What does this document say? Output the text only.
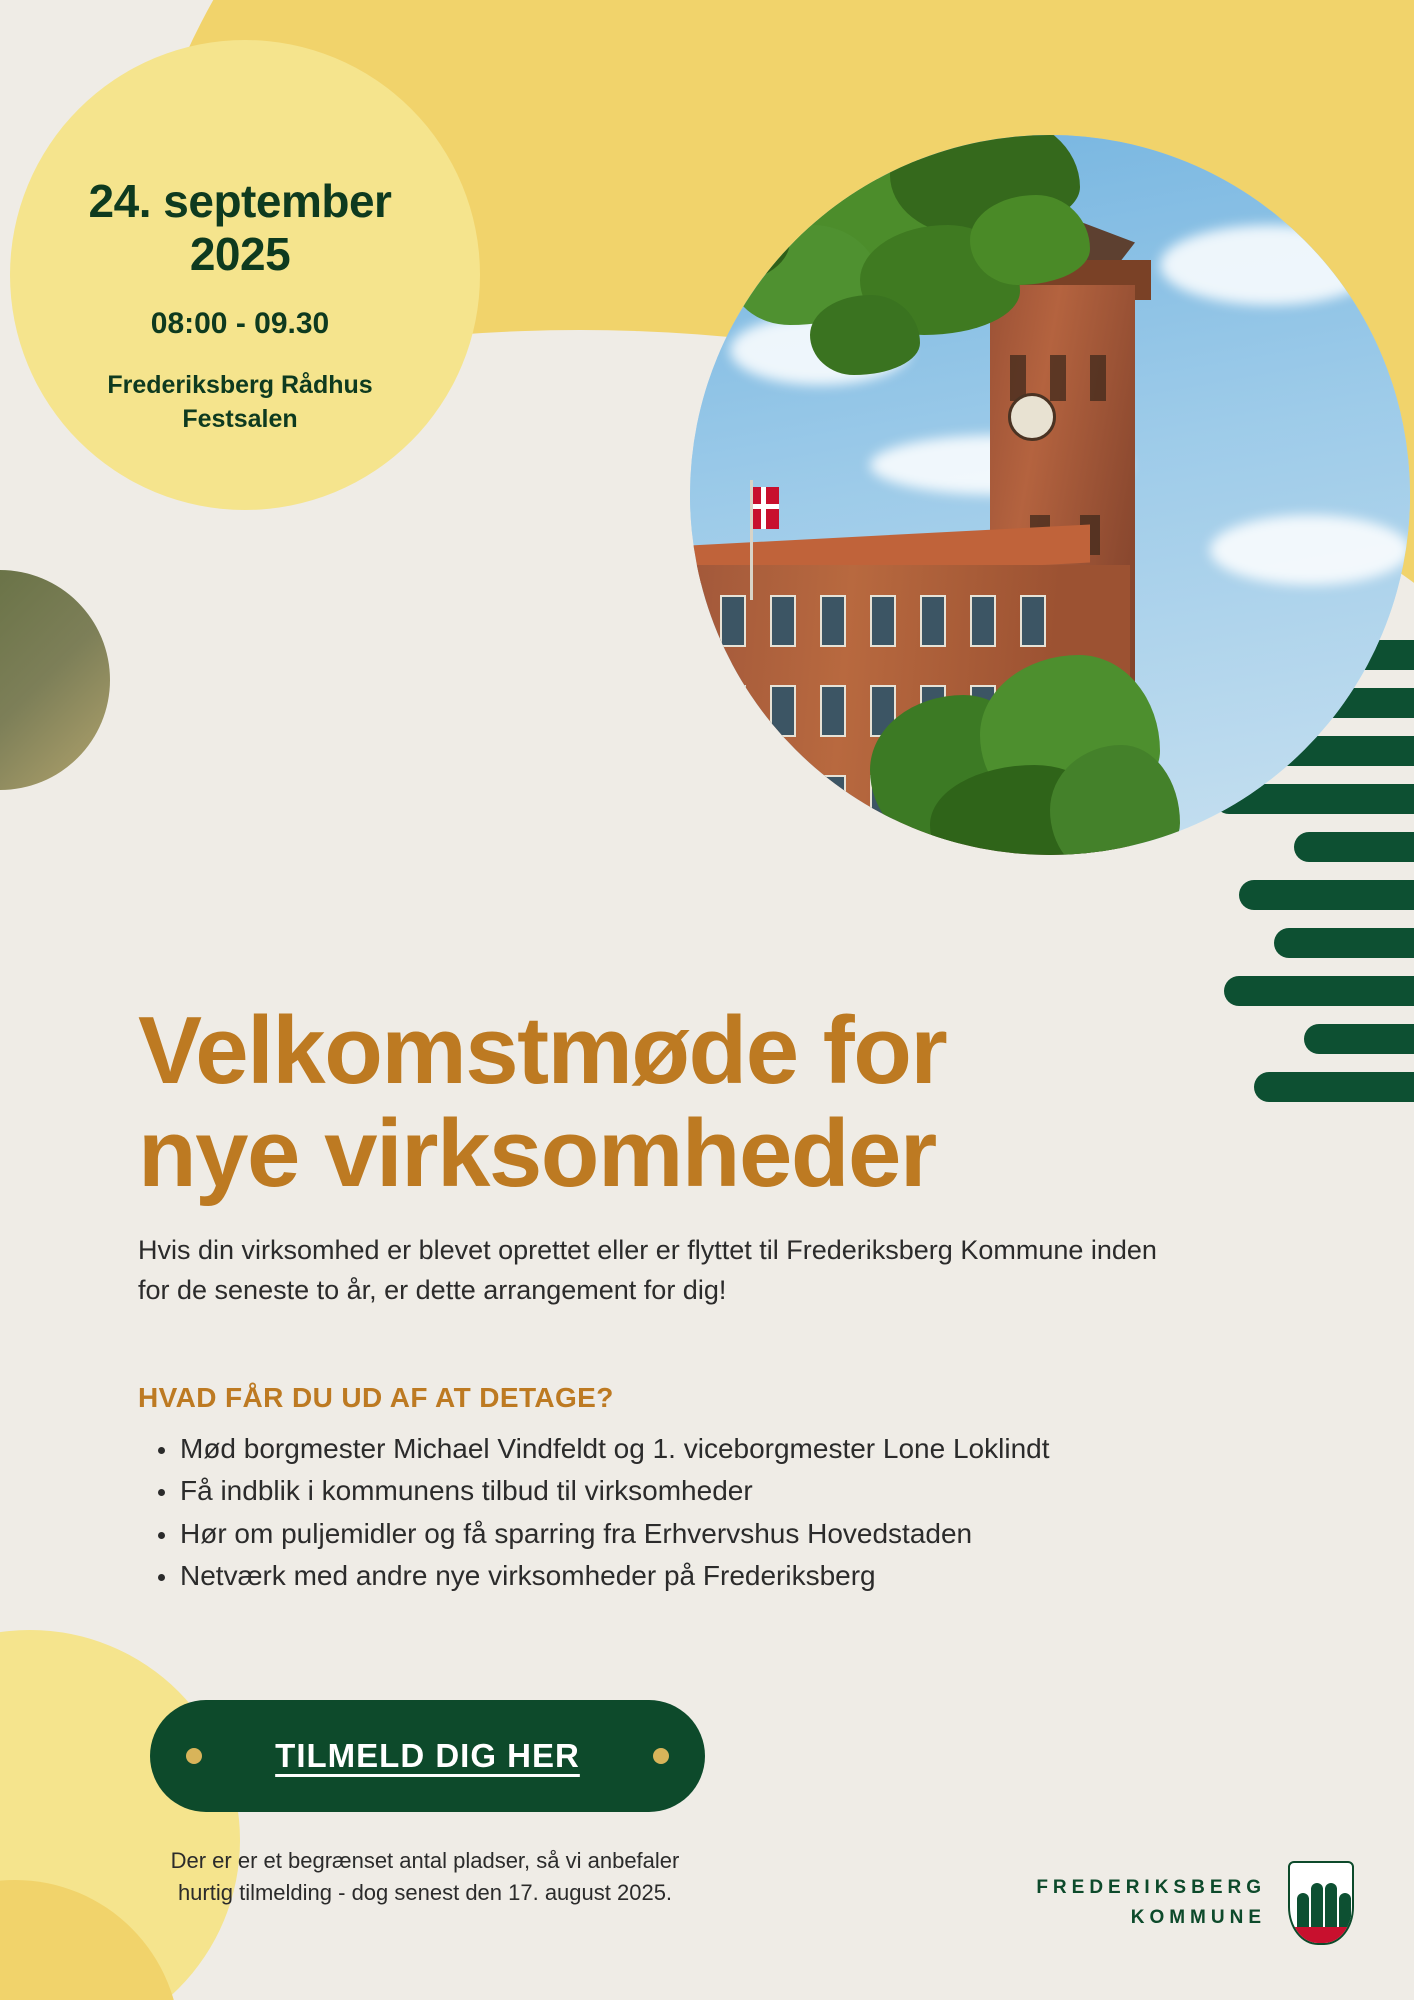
24. september
2025
08:00 - 09.30
Frederiksberg Rådhus
Festsalen
Velkomstmøde for
nye virksomheder

Hvis din virksomhed er blevet oprettet eller er flyttet til Frederiksberg Kommune inden for de seneste to år, er dette arrangement for dig!

HVAD FÅR DU UD AF AT DETAGE?
Mød borgmester Michael Vindfeldt og 1. viceborgmester Lone Loklindt
Få indblik i kommunens tilbud til virksomheder
Hør om puljemidler og få sparring fra Erhvervshus Hovedstaden
Netværk med andre nye virksomheder på Frederiksberg
TILMELD DIG HER
Der er er et begrænset antal pladser, så vi anbefaler
hurtig tilmelding - dog senest den 17. august 2025.	FREDERIKSBERG
KOMMUNE
